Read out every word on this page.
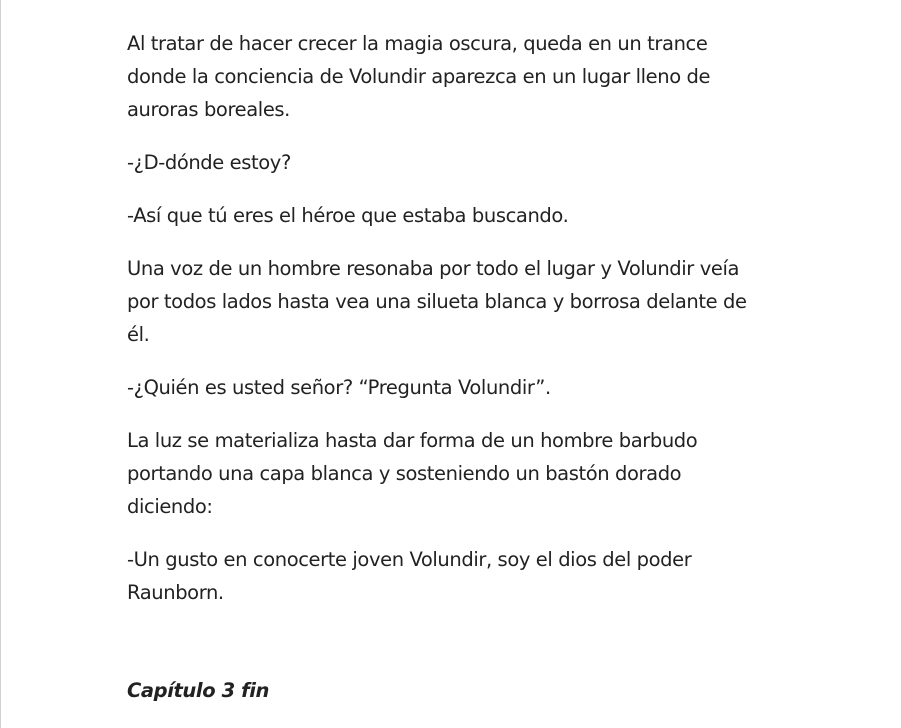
Al tratar de hacer crecer la magia oscura, queda en un trance donde la conciencia de Volundir aparezca en un lugar lleno de auroras boreales.

-¿D-dónde estoy?

-Así que tú eres el héroe que estaba buscando.

Una voz de un hombre resonaba por todo el lugar y Volundir veía por todos lados hasta vea una silueta blanca y borrosa delante de él.

-¿Quién es usted señor? “Pregunta Volundir”.

La luz se materializa hasta dar forma de un hombre barbudo portando una capa blanca y sosteniendo un bastón dorado diciendo:

-Un gusto en conocerte joven Volundir, soy el dios del poder Raunborn.

Capítulo 3 fin
